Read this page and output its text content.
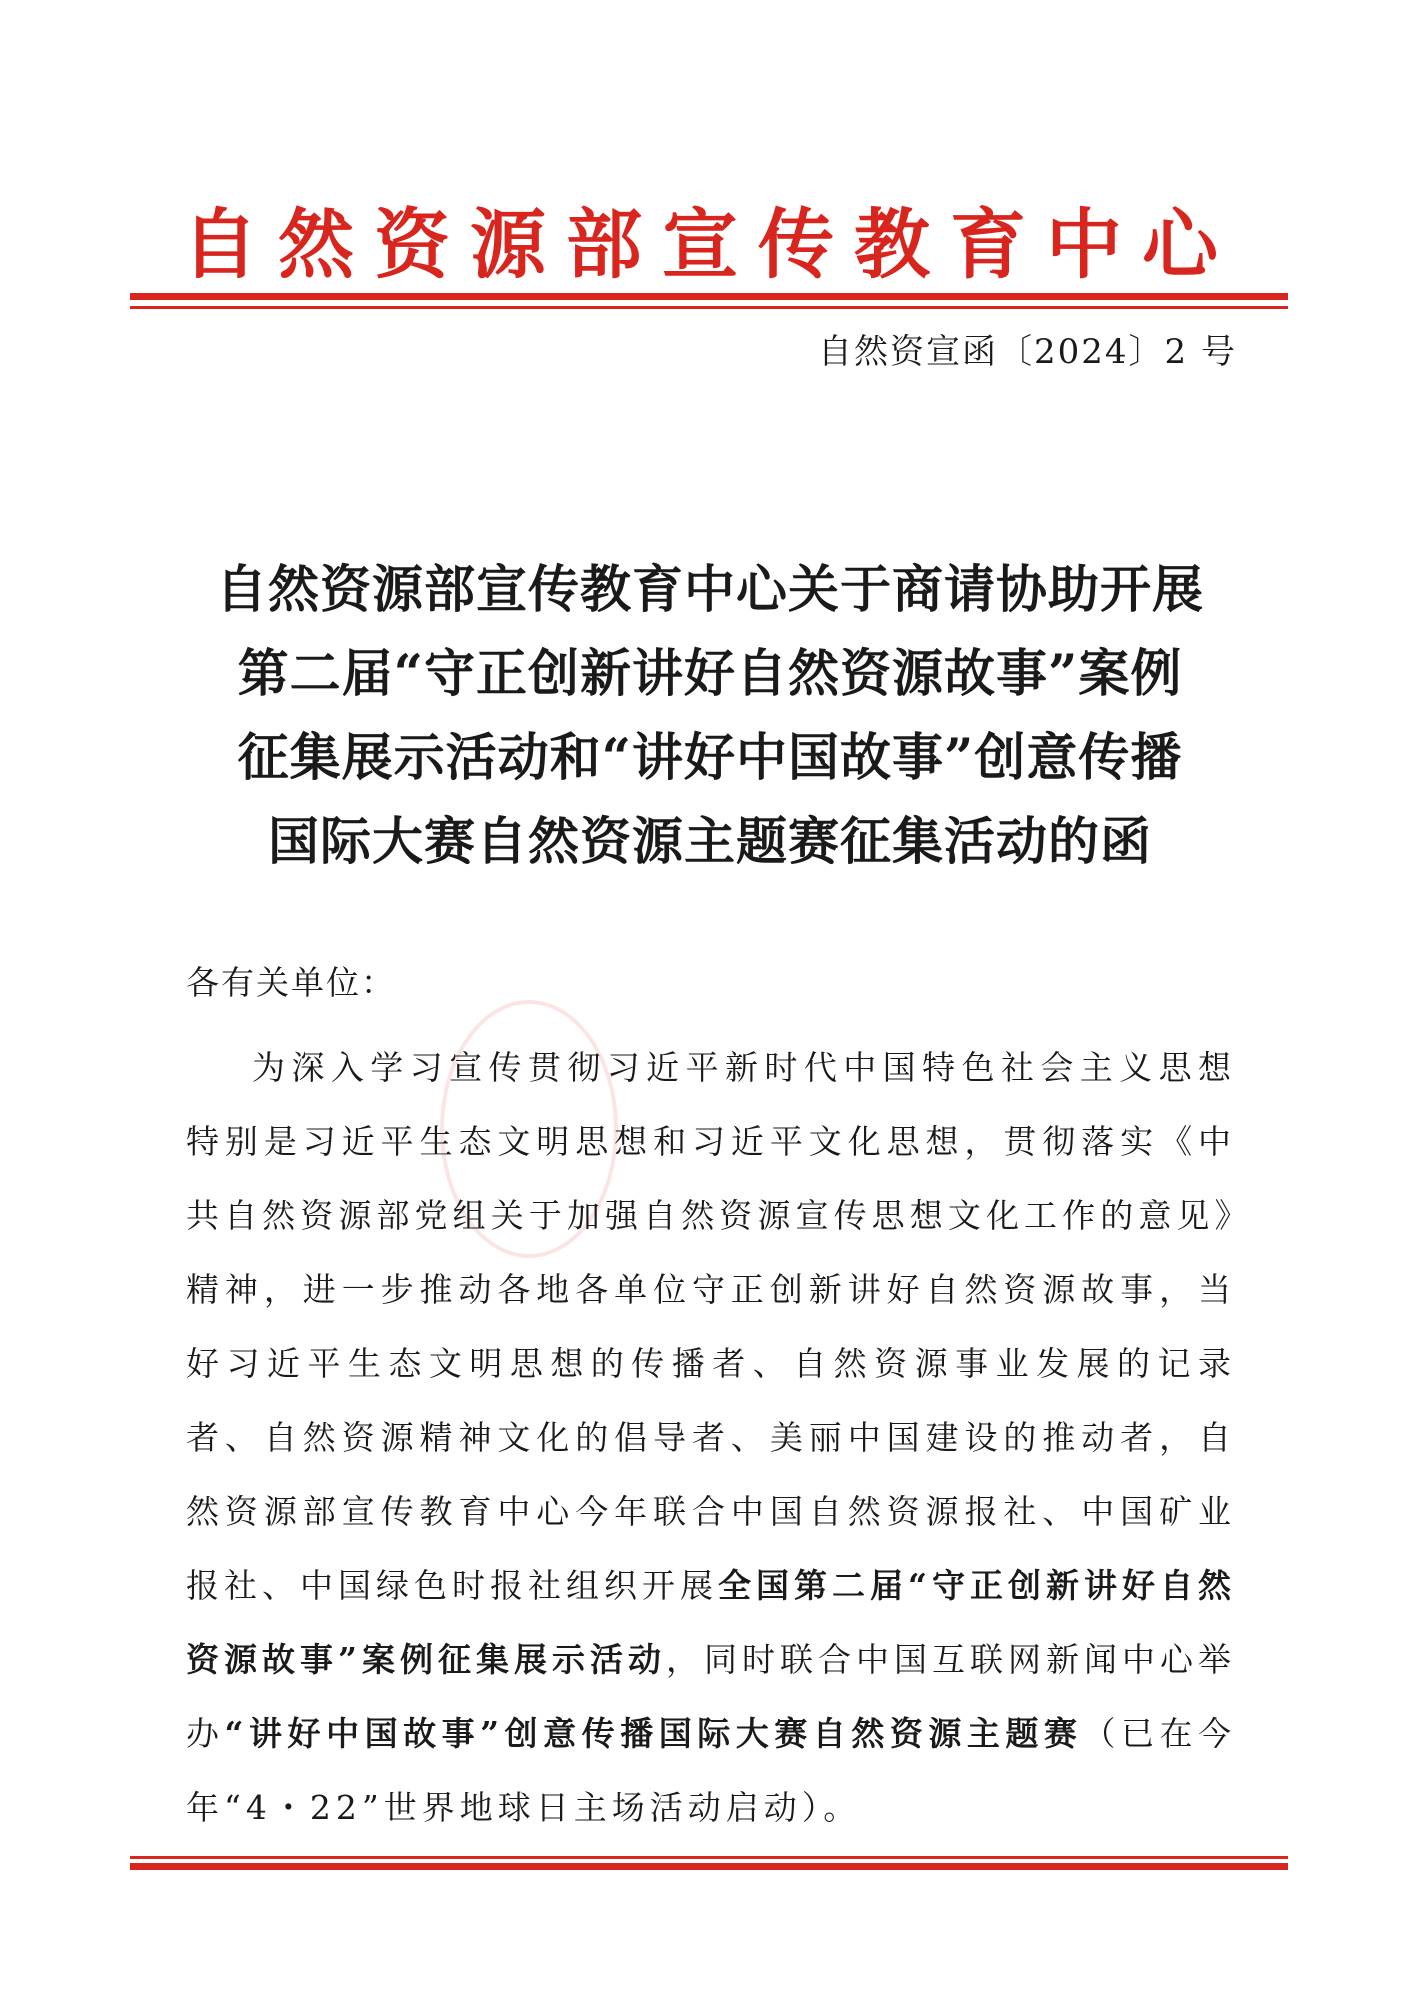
自然资源部宣传教育中心
自然资宣函〔2024〕2 号
自然资源部宣传教育中心关于商请协助开展
第二届“守正创新讲好自然资源故事”案例
征集展示活动和“讲好中国故事”创意传播
国际大赛自然资源主题赛征集活动的函
各有关单位：
为深入学习宣传贯彻习近平新时代中国特色社会主义思想特别是习近平生态文明思想和习近平文化思想，贯彻落实《中共自然资源部党组关于加强自然资源宣传思想文化工作的意见》精神，进一步推动各地各单位守正创新讲好自然资源故事，当好习近平生态文明思想的传播者、自然资源事业发展的记录者、自然资源精神文化的倡导者、美丽中国建设的推动者，自然资源部宣传教育中心今年联合中国自然资源报社、中国矿业报社、中国绿色时报社组织开展全国第二届“守正创新讲好自然资源故事”案例征集展示活动，同时联合中国互联网新闻中心举办“讲好中国故事”创意传播国际大赛自然资源主题赛（已在今年“4・22”世界地球日主场活动启动）。
